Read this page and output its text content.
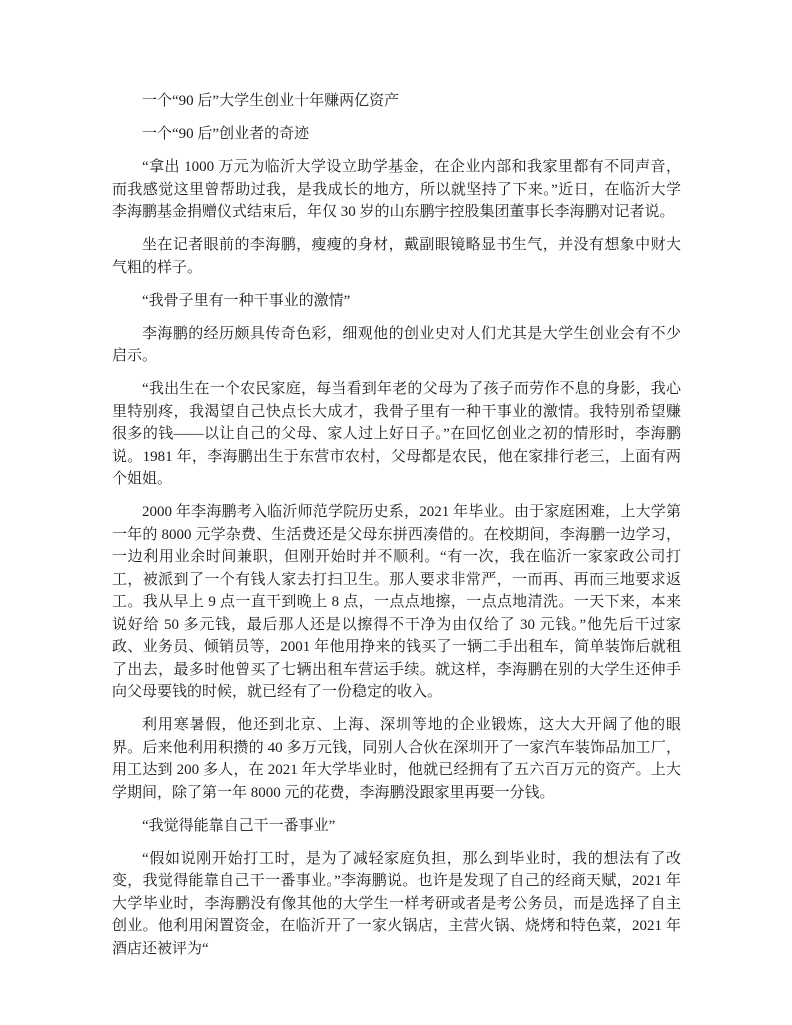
一个“90 后”大学生创业十年赚两亿资产

一个“90 后”创业者的奇迹

“拿出 1000 万元为临沂大学设立助学基金，在企业内部和我家里都有不同声音，而我感觉这里曾帮助过我，是我成长的地方，所以就坚持了下来。”近日，在临沂大学李海鹏基金捐赠仪式结束后，年仅 30 岁的山东鹏宇控股集团董事长李海鹏对记者说。

坐在记者眼前的李海鹏，瘦瘦的身材，戴副眼镜略显书生气，并没有想象中财大气粗的样子。

“我骨子里有一种干事业的激情”

李海鹏的经历颇具传奇色彩，细观他的创业史对人们尤其是大学生创业会有不少启示。

“我出生在一个农民家庭，每当看到年老的父母为了孩子而劳作不息的身影，我心里特别疼，我渴望自己快点长大成才，我骨子里有一种干事业的激情。我特别希望赚很多的钱——以让自己的父母、家人过上好日子。”在回忆创业之初的情形时，李海鹏说。1981 年，李海鹏出生于东营市农村，父母都是农民，他在家排行老三，上面有两个姐姐。

2000 年李海鹏考入临沂师范学院历史系，2021 年毕业。由于家庭困难，上大学第一年的 8000 元学杂费、生活费还是父母东拼西凑借的。在校期间，李海鹏一边学习，一边利用业余时间兼职，但刚开始时并不顺利。“有一次，我在临沂一家家政公司打工，被派到了一个有钱人家去打扫卫生。那人要求非常严，一而再、再而三地要求返工。我从早上 9 点一直干到晚上 8 点，一点点地擦，一点点地清洗。一天下来，本来说好给 50 多元钱，最后那人还是以擦得不干净为由仅给了 30 元钱。”他先后干过家政、业务员、倾销员等，2001 年他用挣来的钱买了一辆二手出租车，简单装饰后就租了出去，最多时他曾买了七辆出租车营运手续。就这样，李海鹏在别的大学生还伸手向父母要钱的时候，就已经有了一份稳定的收入。

利用寒暑假，他还到北京、上海、深圳等地的企业锻炼，这大大开阔了他的眼界。后来他利用积攒的 40 多万元钱，同别人合伙在深圳开了一家汽车装饰品加工厂，用工达到 200 多人，在 2021 年大学毕业时，他就已经拥有了五六百万元的资产。上大学期间，除了第一年 8000 元的花费，李海鹏没跟家里再要一分钱。

“我觉得能靠自己干一番事业”

“假如说刚开始打工时，是为了减轻家庭负担，那么到毕业时，我的想法有了改变，我觉得能靠自己干一番事业。”李海鹏说。也许是发现了自己的经商天赋，2021 年大学毕业时，李海鹏没有像其他的大学生一样考研或者是考公务员，而是选择了自主创业。他利用闲置资金，在临沂开了一家火锅店，主营火锅、烧烤和特色菜，2021 年酒店还被评为“
